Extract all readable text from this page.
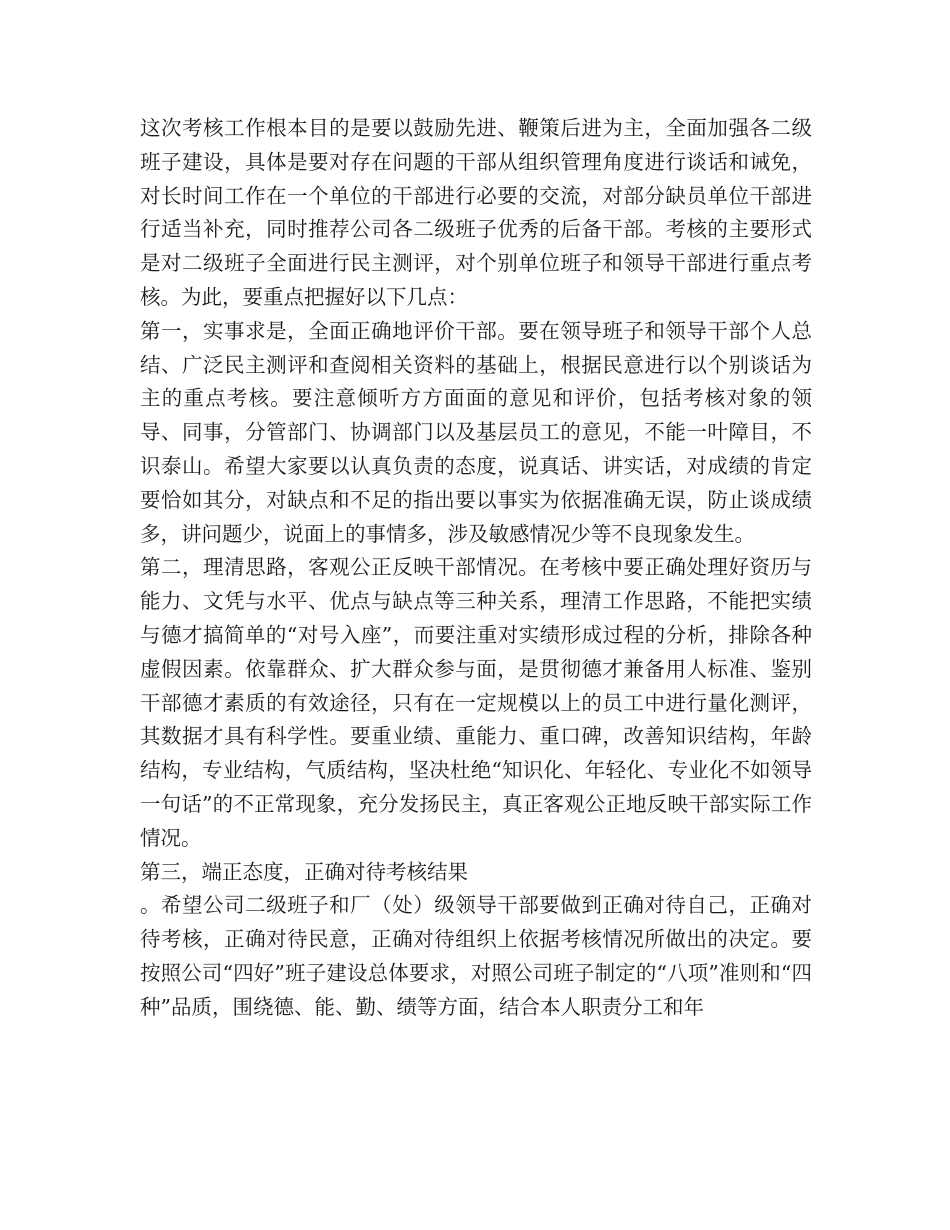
这次考核工作根本目的是要以鼓励先进、鞭策后进为主，全面加强各二级班子建设，具体是要对存在问题的干部从组织管理角度进行谈话和诫免，对长时间工作在一个单位的干部进行必要的交流，对部分缺员单位干部进行适当补充，同时推荐公司各二级班子优秀的后备干部。考核的主要形式是对二级班子全面进行民主测评，对个别单位班子和领导干部进行重点考核。为此，要重点把握好以下几点：

第一，实事求是，全面正确地评价干部。要在领导班子和领导干部个人总结、广泛民主测评和查阅相关资料的基础上，根据民意进行以个别谈话为主的重点考核。要注意倾听方方面面的意见和评价，包括考核对象的领导、同事，分管部门、协调部门以及基层员工的意见，不能一叶障目，不识泰山。希望大家要以认真负责的态度，说真话、讲实话，对成绩的肯定要恰如其分，对缺点和不足的指出要以事实为依据准确无误，防止谈成绩多，讲问题少，说面上的事情多，涉及敏感情况少等不良现象发生。

第二，理清思路，客观公正反映干部情况。在考核中要正确处理好资历与能力、文凭与水平、优点与缺点等三种关系，理清工作思路，不能把实绩与德才搞简单的“对号入座”，而要注重对实绩形成过程的分析，排除各种虚假因素。依靠群众、扩大群众参与面，是贯彻德才兼备用人标准、鉴别干部德才素质的有效途径，只有在一定规模以上的员工中进行量化测评，其数据才具有科学性。要重业绩、重能力、重口碑，改善知识结构，年龄结构，专业结构，气质结构，坚决杜绝“知识化、年轻化、专业化不如领导一句话”的不正常现象，充分发扬民主，真正客观公正地反映干部实际工作情况。

第三，端正态度，正确对待考核结果

。希望公司二级班子和厂（处）级领导干部要做到正确对待自己，正确对待考核，正确对待民意，正确对待组织上依据考核情况所做出的决定。要按照公司“四好”班子建设总体要求，对照公司班子制定的“八项”准则和“四种”品质，围绕德、能、勤、绩等方面，结合本人职责分工和年
